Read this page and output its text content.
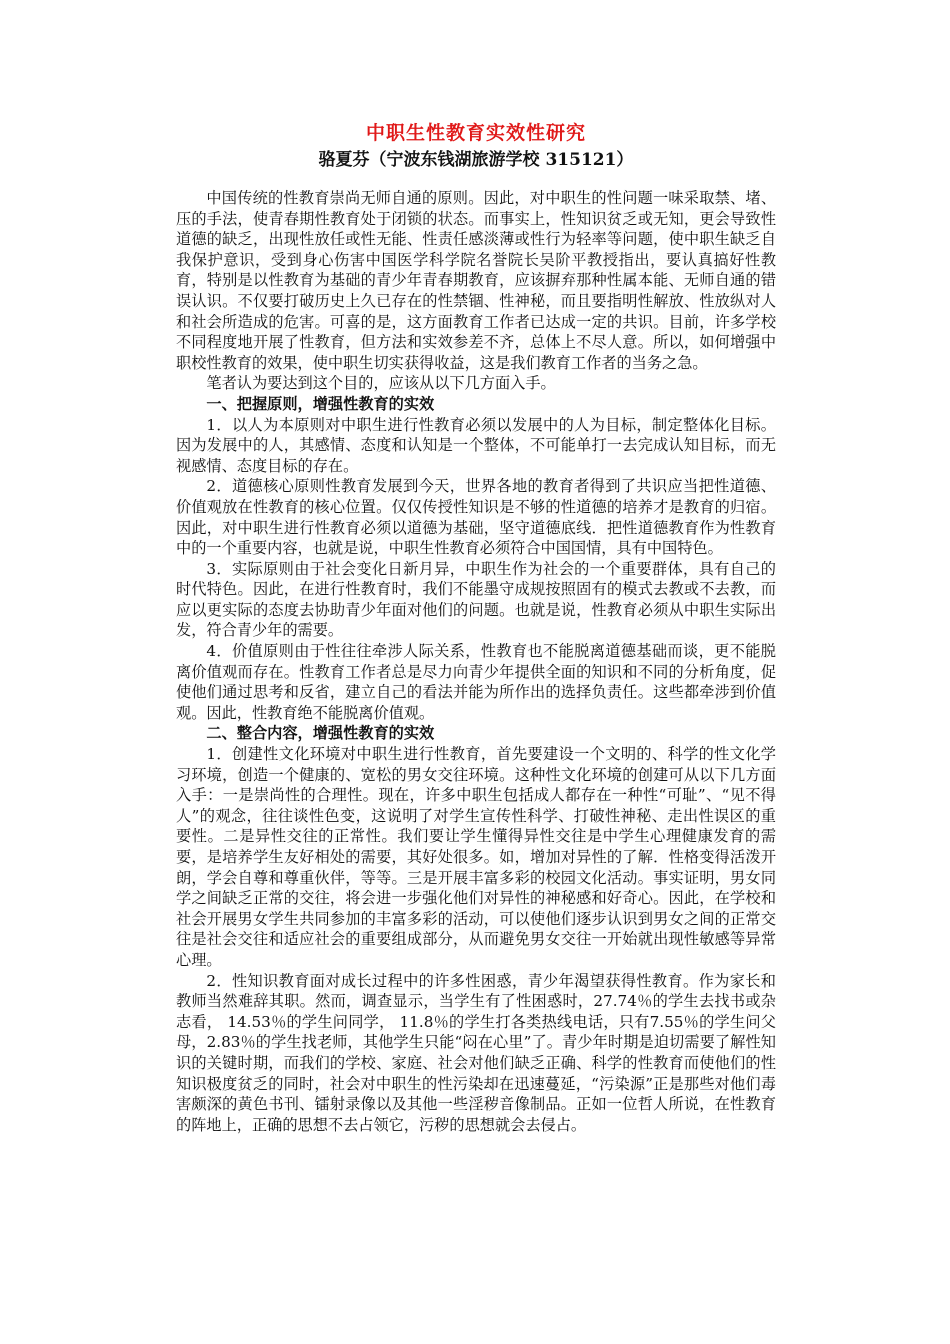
中职生性教育实效性研究
骆夏芬（宁波东钱湖旅游学校 315121）

中国传统的性教育崇尚无师自通的原则。因此，对中职生的性问题一味采取禁、堵、压的手法，使青春期性教育处于闭锁的状态。而事实上，性知识贫乏或无知，更会导致性道德的缺乏，出现性放任或性无能、性责任感淡薄或性行为轻率等问题，使中职生缺乏自我保护意识，受到身心伤害中国医学科学院名誉院长吴阶平教授指出，要认真搞好性教育，特别是以性教育为基础的青少年青春期教育，应该摒弃那种性属本能、无师自通的错误认识。不仅要打破历史上久已存在的性禁锢、性神秘，而且要指明性解放、性放纵对人和社会所造成的危害。可喜的是，这方面教育工作者已达成一定的共识。目前，许多学校不同程度地开展了性教育，但方法和实效参差不齐，总体上不尽人意。所以，如何增强中职校性教育的效果，使中职生切实获得收益，这是我们教育工作者的当务之急。

笔者认为要达到这个目的，应该从以下几方面入手。

一、把握原则，增强性教育的实效

1．以人为本原则对中职生进行性教育必须以发展中的人为目标，制定整体化目标。因为发展中的人，其感情、态度和认知是一个整体，不可能单打一去完成认知目标，而无视感情、态度目标的存在。

2．道德核心原则性教育发展到今天，世界各地的教育者得到了共识应当把性道德、价值观放在性教育的核心位置。仅仅传授性知识是不够的性道德的培养才是教育的归宿。因此，对中职生进行性教育必须以道德为基础，坚守道德底线．把性道德教育作为性教育中的一个重要内容，也就是说，中职生性教育必须符合中国国情，具有中国特色。

3．实际原则由于社会变化日新月异，中职生作为社会的一个重要群体，具有自己的时代特色。因此，在进行性教育时，我们不能墨守成规按照固有的模式去教或不去教，而应以更实际的态度去协助青少年面对他们的问题。也就是说，性教育必须从中职生实际出发，符合青少年的需要。

4．价值原则由于性往往牵涉人际关系，性教育也不能脱离道德基础而谈，更不能脱离价值观而存在。性教育工作者总是尽力向青少年提供全面的知识和不同的分析角度，促使他们通过思考和反省，建立自己的看法并能为所作出的选择负责任。这些都牵涉到价值观。因此，性教育绝不能脱离价值观。

二、整合内容，增强性教育的实效

1．创建性文化环境对中职生进行性教育，首先要建设一个文明的、科学的性文化学习环境，创造一个健康的、宽松的男女交往环境。这种性文化环境的创建可从以下几方面入手：一是崇尚性的合理性。现在，许多中职生包括成人都存在一种性“可耻”、“见不得人”的观念，往往谈性色变，这说明了对学生宣传性科学、打破性神秘、走出性误区的重要性。二是异性交往的正常性。我们要让学生懂得异性交往是中学生心理健康发育的需要，是培养学生友好相处的需要，其好处很多。如，增加对异性的了解．性格变得活泼开朗，学会自尊和尊重伙伴，等等。三是开展丰富多彩的校园文化活动。事实证明，男女同学之间缺乏正常的交往，将会进一步强化他们对异性的神秘感和好奇心。因此，在学校和社会开展男女学生共同参加的丰富多彩的活动，可以使他们逐步认识到男女之间的正常交往是社会交往和适应社会的重要组成部分，从而避免男女交往一开始就出现性敏感等异常心理。

2．性知识教育面对成长过程中的许多性困惑，青少年渴望获得性教育。作为家长和教师当然难辞其职。然而，调查显示，当学生有了性困惑时，27.74％的学生去找书或杂志看， 14.53％的学生问同学， 11.8％的学生打各类热线电话，只有7.55％的学生问父母，2.83％的学生找老师，其他学生只能“闷在心里”了。青少年时期是迫切需要了解性知识的关键时期，而我们的学校、家庭、社会对他们缺乏正确、科学的性教育而使他们的性知识极度贫乏的同时，社会对中职生的性污染却在迅速蔓延，“污染源”正是那些对他们毒害颇深的黄色书刊、镭射录像以及其他一些淫秽音像制品。正如一位哲人所说，在性教育的阵地上，正确的思想不去占领它，污秽的思想就会去侵占。
